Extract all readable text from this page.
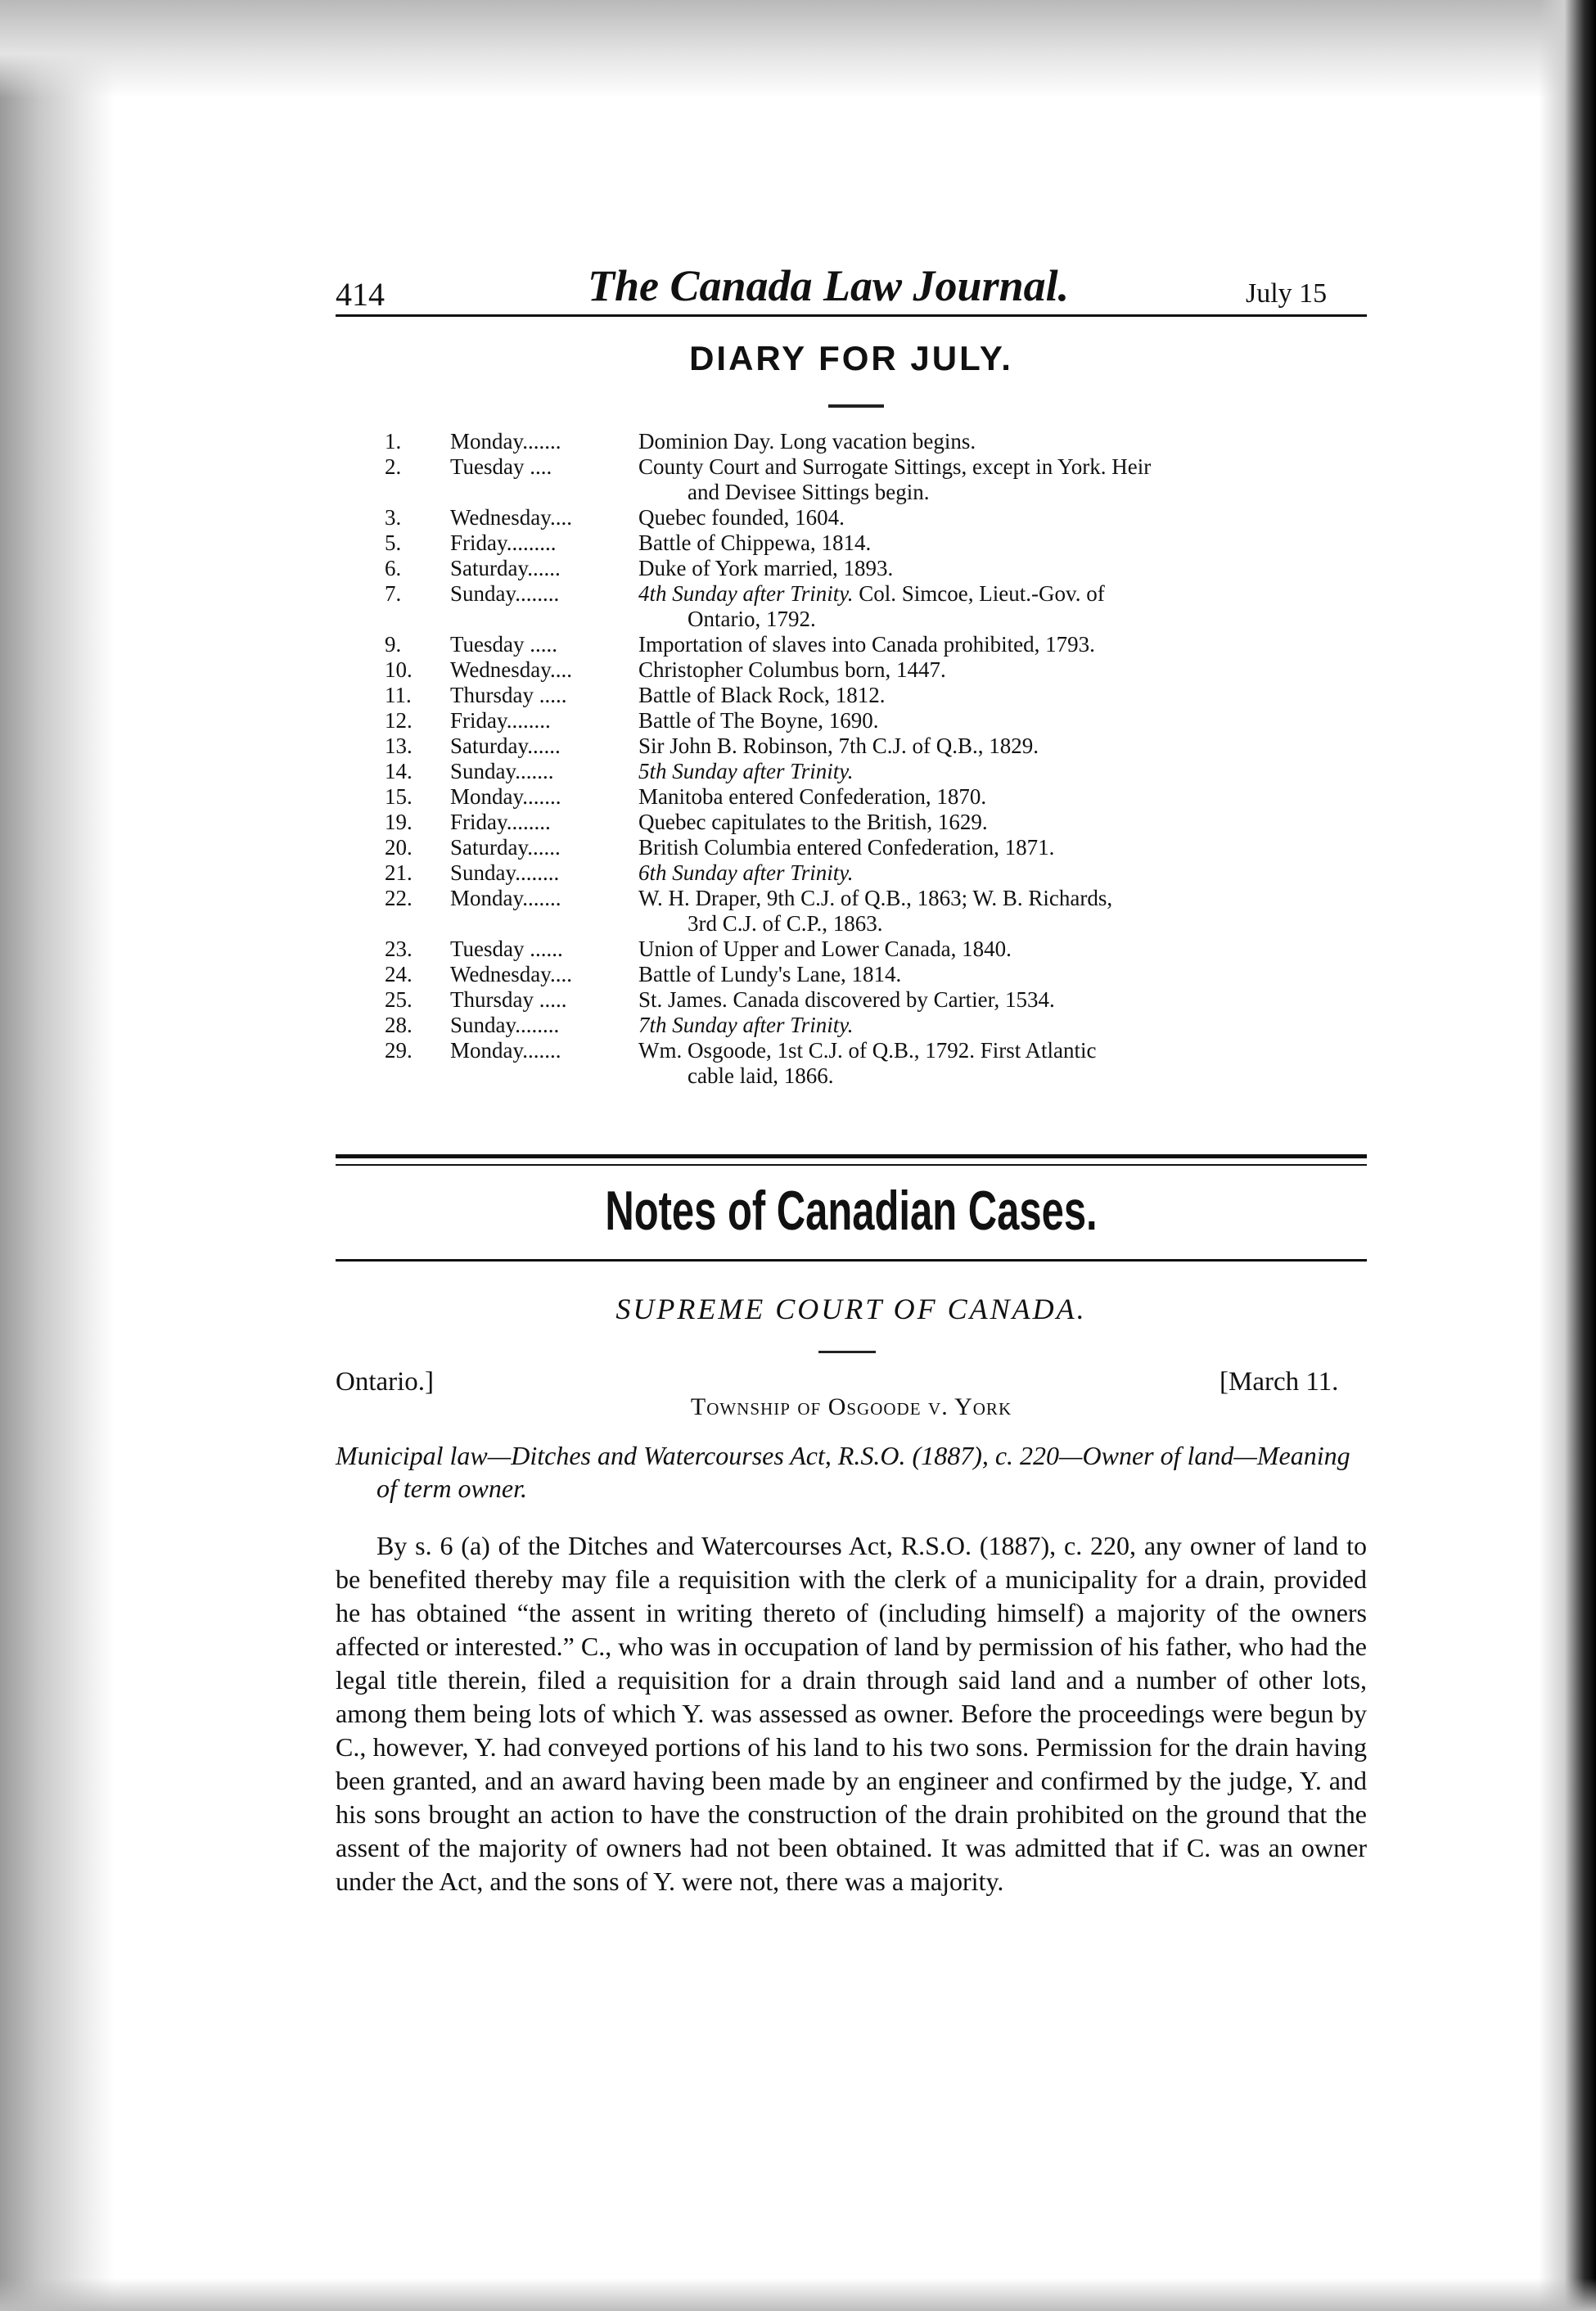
414	The Canada Law Journal.	July 15
DIARY FOR JULY.
1.	Monday.......	Dominion Day. Long vacation begins.
2.	Tuesday ....	County Court and Surrogate Sittings, except in York. Heir
and Devisee Sittings begin.
3.	Wednesday....	Quebec founded, 1604.
5.	Friday.........	Battle of Chippewa, 1814.
6.	Saturday......	Duke of York married, 1893.
7.	Sunday........	4th Sunday after Trinity. Col. Simcoe, Lieut.-Gov. of
Ontario, 1792.
9.	Tuesday .....	Importation of slaves into Canada prohibited, 1793.
10.	Wednesday....	Christopher Columbus born, 1447.
11.	Thursday .....	Battle of Black Rock, 1812.
12.	Friday........	Battle of The Boyne, 1690.
13.	Saturday......	Sir John B. Robinson, 7th C.J. of Q.B., 1829.
14.	Sunday.......	5th Sunday after Trinity.
15.	Monday.......	Manitoba entered Confederation, 1870.
19.	Friday........	Quebec capitulates to the British, 1629.
20.	Saturday......	British Columbia entered Confederation, 1871.
21.	Sunday........	6th Sunday after Trinity.
22.	Monday.......	W. H. Draper, 9th C.J. of Q.B., 1863; W. B. Richards,
3rd C.J. of C.P., 1863.
23.	Tuesday ......	Union of Upper and Lower Canada, 1840.
24.	Wednesday....	Battle of Lundy's Lane, 1814.
25.	Thursday .....	St. James. Canada discovered by Cartier, 1534.
28.	Sunday........	7th Sunday after Trinity.
29.	Monday.......	Wm. Osgoode, 1st C.J. of Q.B., 1792. First Atlantic
cable laid, 1866.
Notes of Canadian Cases.
SUPREME COURT OF CANADA.
Ontario.]	[March 11.
Township of Osgoode v. York
Municipal law—Ditches and Watercourses Act, R.S.O. (1887), c. 220—Owner of land—Meaning of term owner.
By s. 6 (a) of the Ditches and Watercourses Act, R.S.O. (1887), c. 220, any owner of land to be benefited thereby may file a requisition with the clerk of a municipality for a drain, provided he has obtained “the assent in writing thereto of (including himself) a majority of the owners affected or interested.” C., who was in occupation of land by permission of his father, who had the legal title therein, filed a requisition for a drain through said land and a number of other lots, among them being lots of which Y. was assessed as owner. Before the proceedings were begun by C., however, Y. had conveyed portions of his land to his two sons. Permission for the drain having been granted, and an award having been made by an engineer and confirmed by the judge, Y. and his sons brought an action to have the construction of the drain prohibited on the ground that the assent of the majority of owners had not been obtained. It was admitted that if C. was an owner under the Act, and the sons of Y. were not, there was a majority.
